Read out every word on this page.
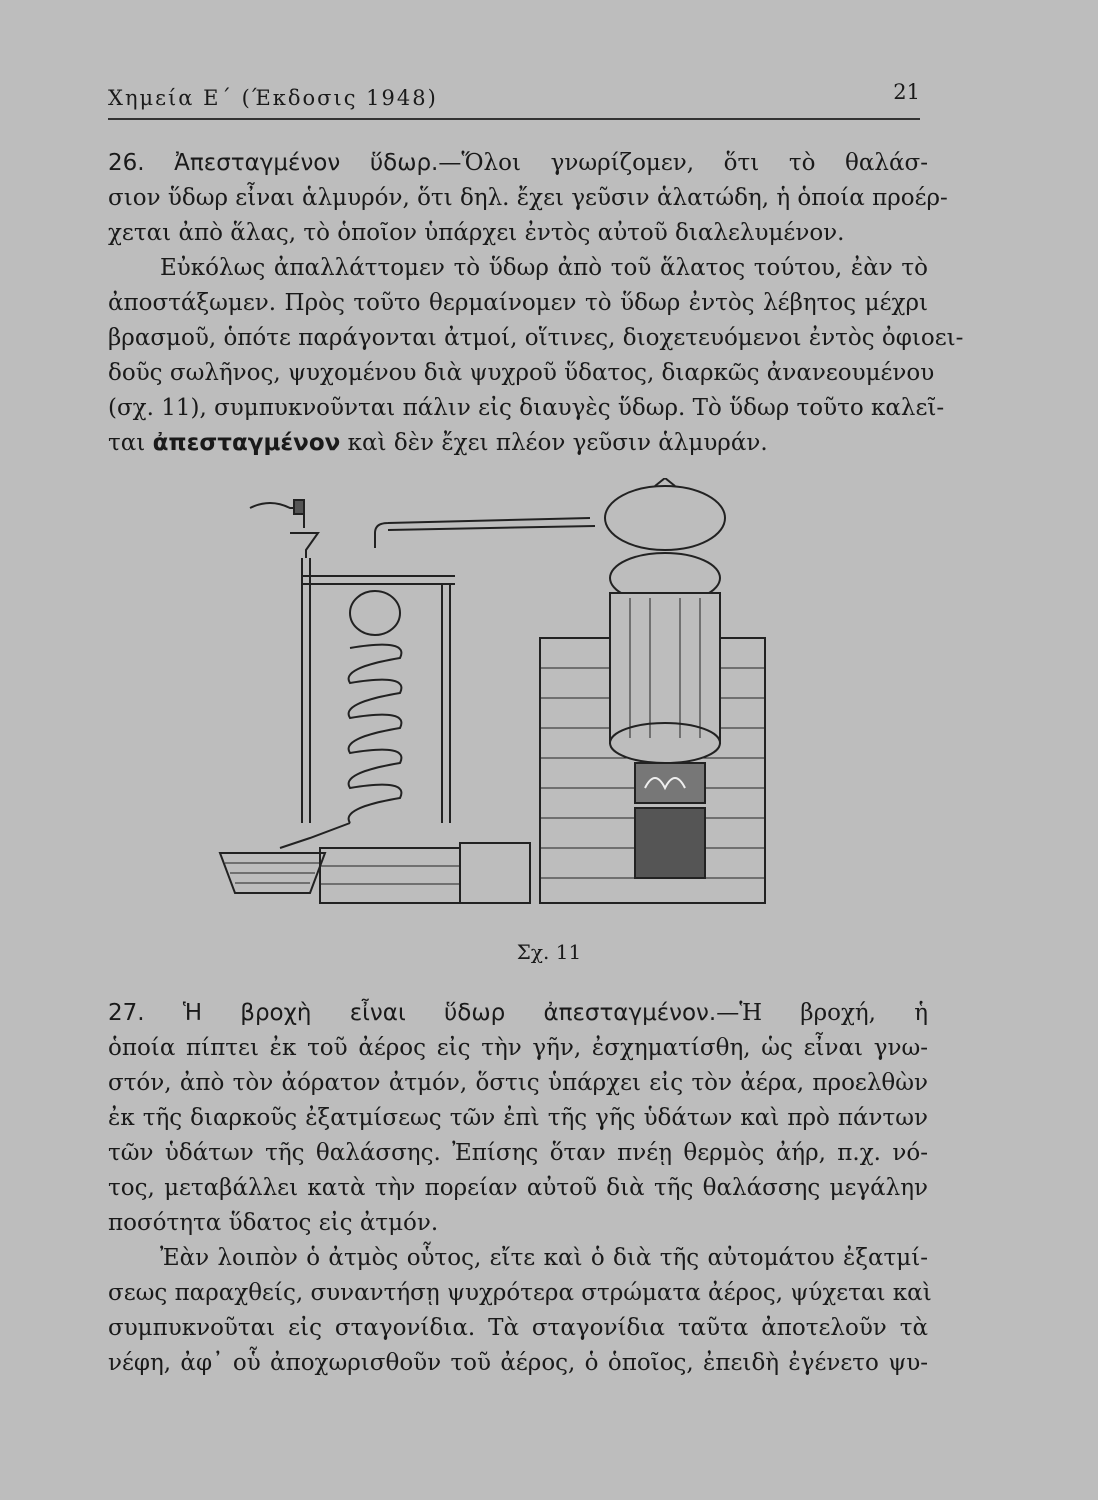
Χημεία Ε΄ (Έκδοσις 1948)	21
26. Ἀπεσταγμένον ὕδωρ.—Ὅλοι γνωρίζομεν, ὅτι τὸ θαλάσ-
σιον ὕδωρ εἶναι ἁλμυρόν, ὅτι δηλ. ἔχει γεῦσιν ἁλατώδη, ἡ ὁποία προέρ-
χεται ἀπὸ ἅλας, τὸ ὁποῖον ὑπάρχει ἐντὸς αὐτοῦ διαλελυμένον.
Εὐκόλως ἀπαλλάττομεν τὸ ὕδωρ ἀπὸ τοῦ ἅλατος τούτου, ἐὰν τὸ
ἀποστάξωμεν. Πρὸς τοῦτο θερμαίνομεν τὸ ὕδωρ ἐντὸς λέβητος μέχρι
βρασμοῦ, ὁπότε παράγονται ἀτμοί, οἵτινες, διοχετευόμενοι ἐντὸς ὀφιοει-
δοῦς σωλῆνος, ψυχομένου διὰ ψυχροῦ ὕδατος, διαρκῶς ἀνανεουμένου
(σχ. 11), συμπυκνοῦνται πάλιν εἰς διαυγὲς ὕδωρ. Τὸ ὕδωρ τοῦτο καλεῖ-
ται ἀπεσταγμένον καὶ δὲν ἔχει πλέον γεῦσιν ἁλμυράν.
Σχ. 11
27. Ἡ βροχὴ εἶναι ὕδωρ ἀπεσταγμένον.—Ἡ βροχή, ἡ
ὁποία πίπτει ἐκ τοῦ ἀέρος εἰς τὴν γῆν, ἐσχηματίσθη, ὡς εἶναι γνω-
στόν, ἀπὸ τὸν ἀόρατον ἀτμόν, ὅστις ὑπάρχει εἰς τὸν ἀέρα, προελθὼν
ἐκ τῆς διαρκοῦς ἐξατμίσεως τῶν ἐπὶ τῆς γῆς ὑδάτων καὶ πρὸ πάντων
τῶν ὑδάτων τῆς θαλάσσης. Ἐπίσης ὅταν πνέῃ θερμὸς ἀήρ, π.χ. νό-
τος, μεταβάλλει κατὰ τὴν πορείαν αὐτοῦ διὰ τῆς θαλάσσης μεγάλην
ποσότητα ὕδατος εἰς ἀτμόν.
Ἐὰν λοιπὸν ὁ ἀτμὸς οὗτος, εἴτε καὶ ὁ διὰ τῆς αὐτομάτου ἐξατμί-
σεως παραχθείς, συναντήσῃ ψυχρότερα στρώματα ἀέρος, ψύχεται καὶ
συμπυκνοῦται εἰς σταγονίδια. Τὰ σταγονίδια ταῦτα ἀποτελοῦν τὰ
νέφη, ἀφ᾽ οὗ ἀποχωρισθοῦν τοῦ ἀέρος, ὁ ὁποῖος, ἐπειδὴ ἐγένετο ψυ-
